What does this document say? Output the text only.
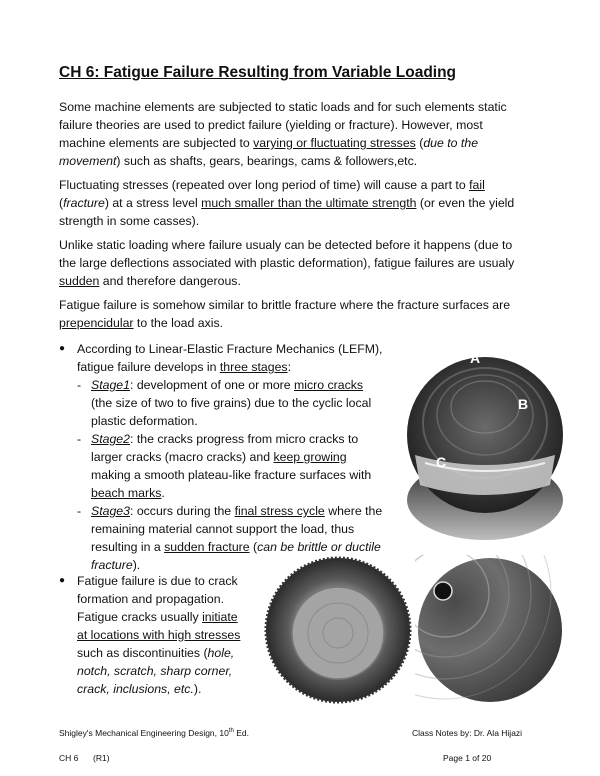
CH 6: Fatigue Failure Resulting from Variable Loading
Some machine elements are subjected to static loads and for such elements static
failure theories are used to predict failure (yielding or fracture). However, most
machine elements are subjected to varying or fluctuating stresses (due to the
movement) such as shafts, gears, bearings, cams & followers,etc.
Fluctuating stresses (repeated over long period of time) will cause a part to fail
(fracture) at a stress level much smaller than the ultimate strength (or even the yield
strength in some casses).
Unlike static loading where failure usualy can be detected before it happens (due to
the large deflections associated with plastic deformation), fatigue failures are usualy
sudden and therefore dangerous.
Fatigue failure is somehow similar to brittle fracture where the fracture surfaces are
prepencidular to the load axis.
● According to Linear-Elastic Fracture Mechanics (LEFM),
fatigue failure develops in three stages:
- Stage1: development of one or more micro cracks
(the size of two to five grains) due to the cyclic local
plastic deformation.
- Stage2: the cracks progress from micro cracks to
larger cracks (macro cracks) and keep growing
making a smooth plateau-like fracture surfaces with
beach marks.
- Stage3: occurs during the final stress cycle where the
remaining material cannot support the load, thus
resulting in a sudden fracture (can be brittle or ductile
fracture).
A
B
C
● Fatigue failure is due to crack
formation and propagation.
Fatigue cracks usually initiate
at locations with high stresses
such as discontinuities (hole,
notch, scratch, sharp corner,
crack, inclusions, etc.).
Shigley's Mechanical Engineering Design, 10th Ed.	Class Notes by: Dr. Ala Hijazi
CH 6 (R1)	Page 1 of 20
